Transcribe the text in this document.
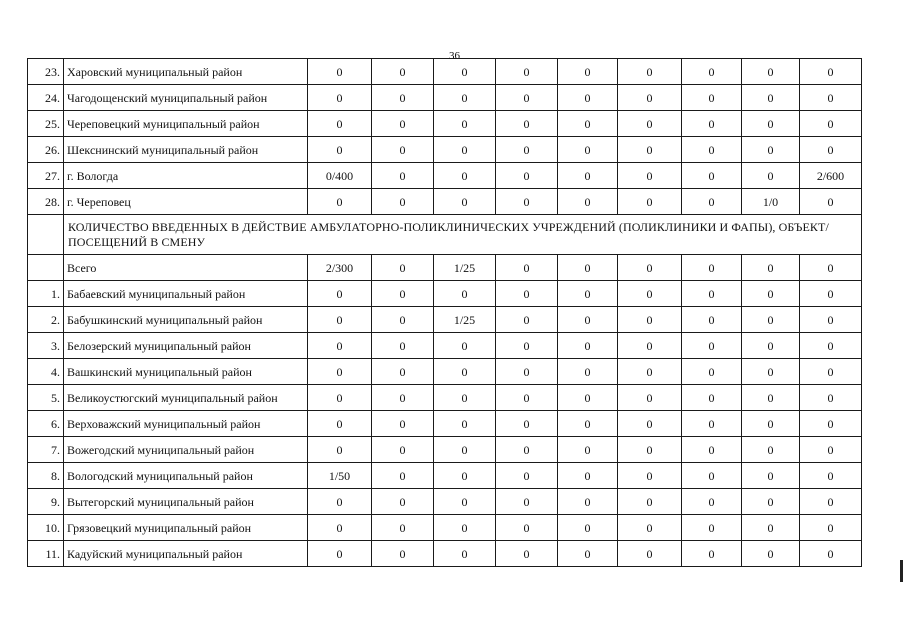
36
23.	Харовский муниципальный район	0	0	0	0	0	0	0	0	0
24.	Чагодощенский муниципальный район	0	0	0	0	0	0	0	0	0
25.	Череповецкий муниципальный район	0	0	0	0	0	0	0	0	0
26.	Шекснинский муниципальный район	0	0	0	0	0	0	0	0	0
27.	г. Вологда	0/400	0	0	0	0	0	0	0	2/600
28.	г. Череповец	0	0	0	0	0	0	0	1/0	0
	КОЛИЧЕСТВО ВВЕДЕННЫХ В ДЕЙСТВИЕ АМБУЛАТОРНО-ПОЛИКЛИНИЧЕСКИХ УЧРЕЖДЕНИЙ (ПОЛИКЛИНИКИ И ФАПЫ), ОБЪЕКТ/ПОСЕЩЕНИЙ В СМЕНУ									
	Всего	2/300	0	1/25	0	0	0	0	0	0
1.	Бабаевский муниципальный район	0	0	0	0	0	0	0	0	0
2.	Бабушкинский муниципальный район	0	0	1/25	0	0	0	0	0	0
3.	Белозерский муниципальный район	0	0	0	0	0	0	0	0	0
4.	Вашкинский муниципальный район	0	0	0	0	0	0	0	0	0
5.	Великоустюгский муниципальный район	0	0	0	0	0	0	0	0	0
6.	Верховажский муниципальный район	0	0	0	0	0	0	0	0	0
7.	Вожегодский муниципальный район	0	0	0	0	0	0	0	0	0
8.	Вологодский муниципальный район	1/50	0	0	0	0	0	0	0	0
9.	Вытегорский муниципальный район	0	0	0	0	0	0	0	0	0
10.	Грязовецкий муниципальный район	0	0	0	0	0	0	0	0	0
11.	Кадуйский муниципальный район	0	0	0	0	0	0	0	0	0
